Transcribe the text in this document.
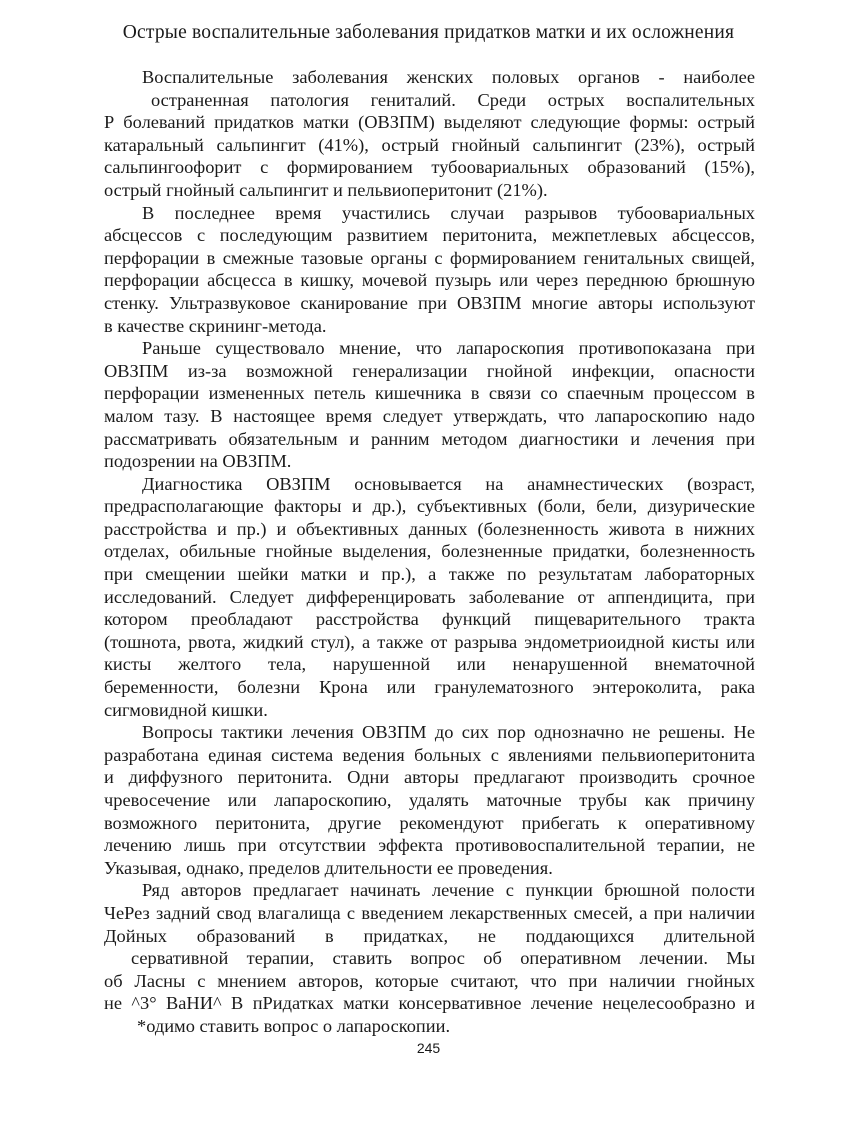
Острые воспалительные заболевания придатков матки и их осложнения
Воспалительные заболевания женских половых органов - наиболее
остраненная патология гениталий. Среди острых воспалительных
Р болеваний придатков матки (ОВЗПМ) выделяют следующие формы: острый
катаральный сальпингит (41%), острый гнойный сальпингит (23%), острый
сальпингоофорит с формированием тубоовариальных образований (15%),
острый гнойный сальпингит и пельвиоперитонит (21%).
В последнее время участились случаи разрывов тубоовариальных
абсцессов с последующим развитием перитонита, межпетлевых абсцессов,
перфорации в смежные тазовые органы с формированием генитальных свищей,
перфорации абсцесса в кишку, мочевой пузырь или через переднюю брюшную
стенку. Ультразвуковое сканирование при ОВЗПМ многие авторы используют
в качестве скрининг-метода.
Раньше существовало мнение, что лапароскопия противопоказана при
ОВЗПМ из-за возможной генерализации гнойной инфекции, опасности
перфорации измененных петель кишечника в связи со спаечным процессом в
малом тазу. В настоящее время следует утверждать, что лапароскопию надо
рассматривать обязательным и ранним методом диагностики и лечения при
подозрении на ОВЗПМ.
Диагностика ОВЗПМ основывается на анамнестических (возраст,
предрасполагающие факторы и др.), субъективных (боли, бели, дизурические
расстройства и пр.) и объективных данных (болезненность живота в нижних
отделах, обильные гнойные выделения, болезненные придатки, болезненность
при смещении шейки матки и пр.), а также по результатам лабораторных
исследований. Следует дифференцировать заболевание от аппендицита, при
котором преобладают расстройства функций пищеварительного тракта
(тошнота, рвота, жидкий стул), а также от разрыва эндометриоидной кисты или
кисты желтого тела, нарушенной или ненарушенной внематочной
беременности, болезни Крона или гранулематозного энтероколита, рака
сигмовидной кишки.
Вопросы тактики лечения ОВЗПМ до сих пор однозначно не решены. Не
разработана единая система ведения больных с явлениями пельвиоперитонита
и диффузного перитонита. Одни авторы предлагают производить срочное
чревосечение или лапароскопию, удалять маточные трубы как причину
возможного перитонита, другие рекомендуют прибегать к оперативному
лечению лишь при отсутствии эффекта противовоспалительной терапии, не
Указывая, однако, пределов длительности ее проведения.
Ряд авторов предлагает начинать лечение с пункции брюшной полости
ЧеРез задний свод влагалища с введением лекарственных смесей, а при наличии
Дойных образований в придатках, не поддающихся длительной
сервативной терапии, ставить вопрос об оперативном лечении. Мы
об Ласны с мнением авторов, которые считают, что при наличии гнойных
не ^3° ВаНИ^ В пРидатках матки консервативное лечение нецелесообразно и
*одимо ставить вопрос о лапароскопии.
245
